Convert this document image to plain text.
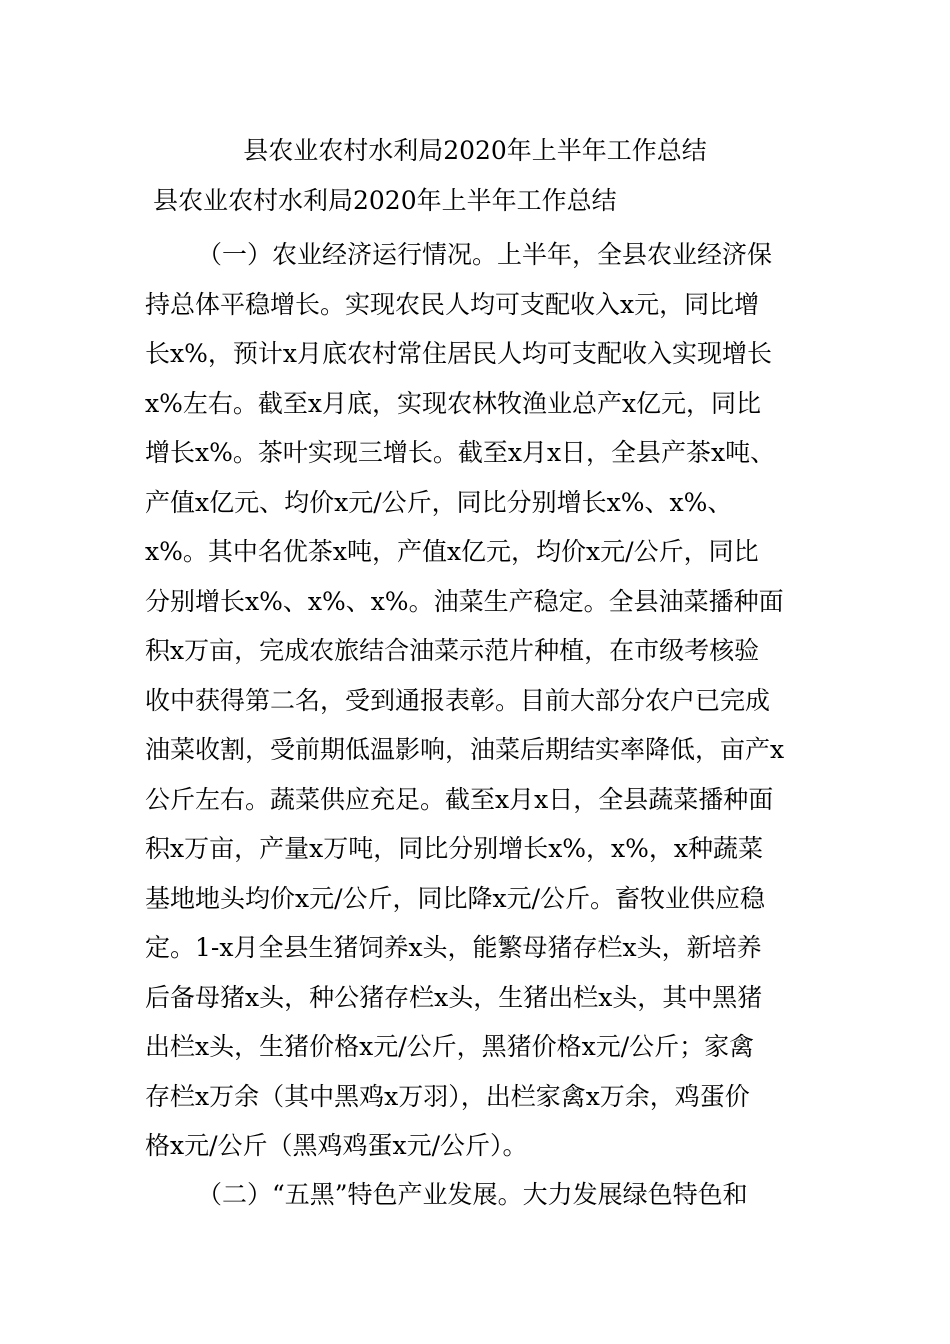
县农业农村水利局2020年上半年工作总结
县农业农村水利局2020年上半年工作总结
（一）农业经济运行情况。上半年，全县农业经济保
持总体平稳增长。实现农民人均可支配收入x元，同比增
长x%，预计x月底农村常住居民人均可支配收入实现增长
x%左右。截至x月底，实现农林牧渔业总产x亿元，同比
增长x%。茶叶实现三增长。截至x月x日，全县产茶x吨、
产值x亿元、均价x元/公斤，同比分别增长x%、x%、
x%。其中名优茶x吨，产值x亿元，均价x元/公斤，同比
分别增长x%、x%、x%。油菜生产稳定。全县油菜播种面
积x万亩，完成农旅结合油菜示范片种植，在市级考核验
收中获得第二名，受到通报表彰。目前大部分农户已完成
油菜收割，受前期低温影响，油菜后期结实率降低，亩产x
公斤左右。蔬菜供应充足。截至x月x日，全县蔬菜播种面
积x万亩，产量x万吨，同比分别增长x%，x%，x种蔬菜
基地地头均价x元/公斤，同比降x元/公斤。畜牧业供应稳
定。1-x月全县生猪饲养x头，能繁母猪存栏x头，新培养
后备母猪x头，种公猪存栏x头，生猪出栏x头，其中黑猪
出栏x头，生猪价格x元/公斤，黑猪价格x元/公斤；家禽
存栏x万余（其中黑鸡x万羽），出栏家禽x万余，鸡蛋价
格x元/公斤（黑鸡鸡蛋x元/公斤）。
（二）“五黑”特色产业发展。大力发展绿色特色和
